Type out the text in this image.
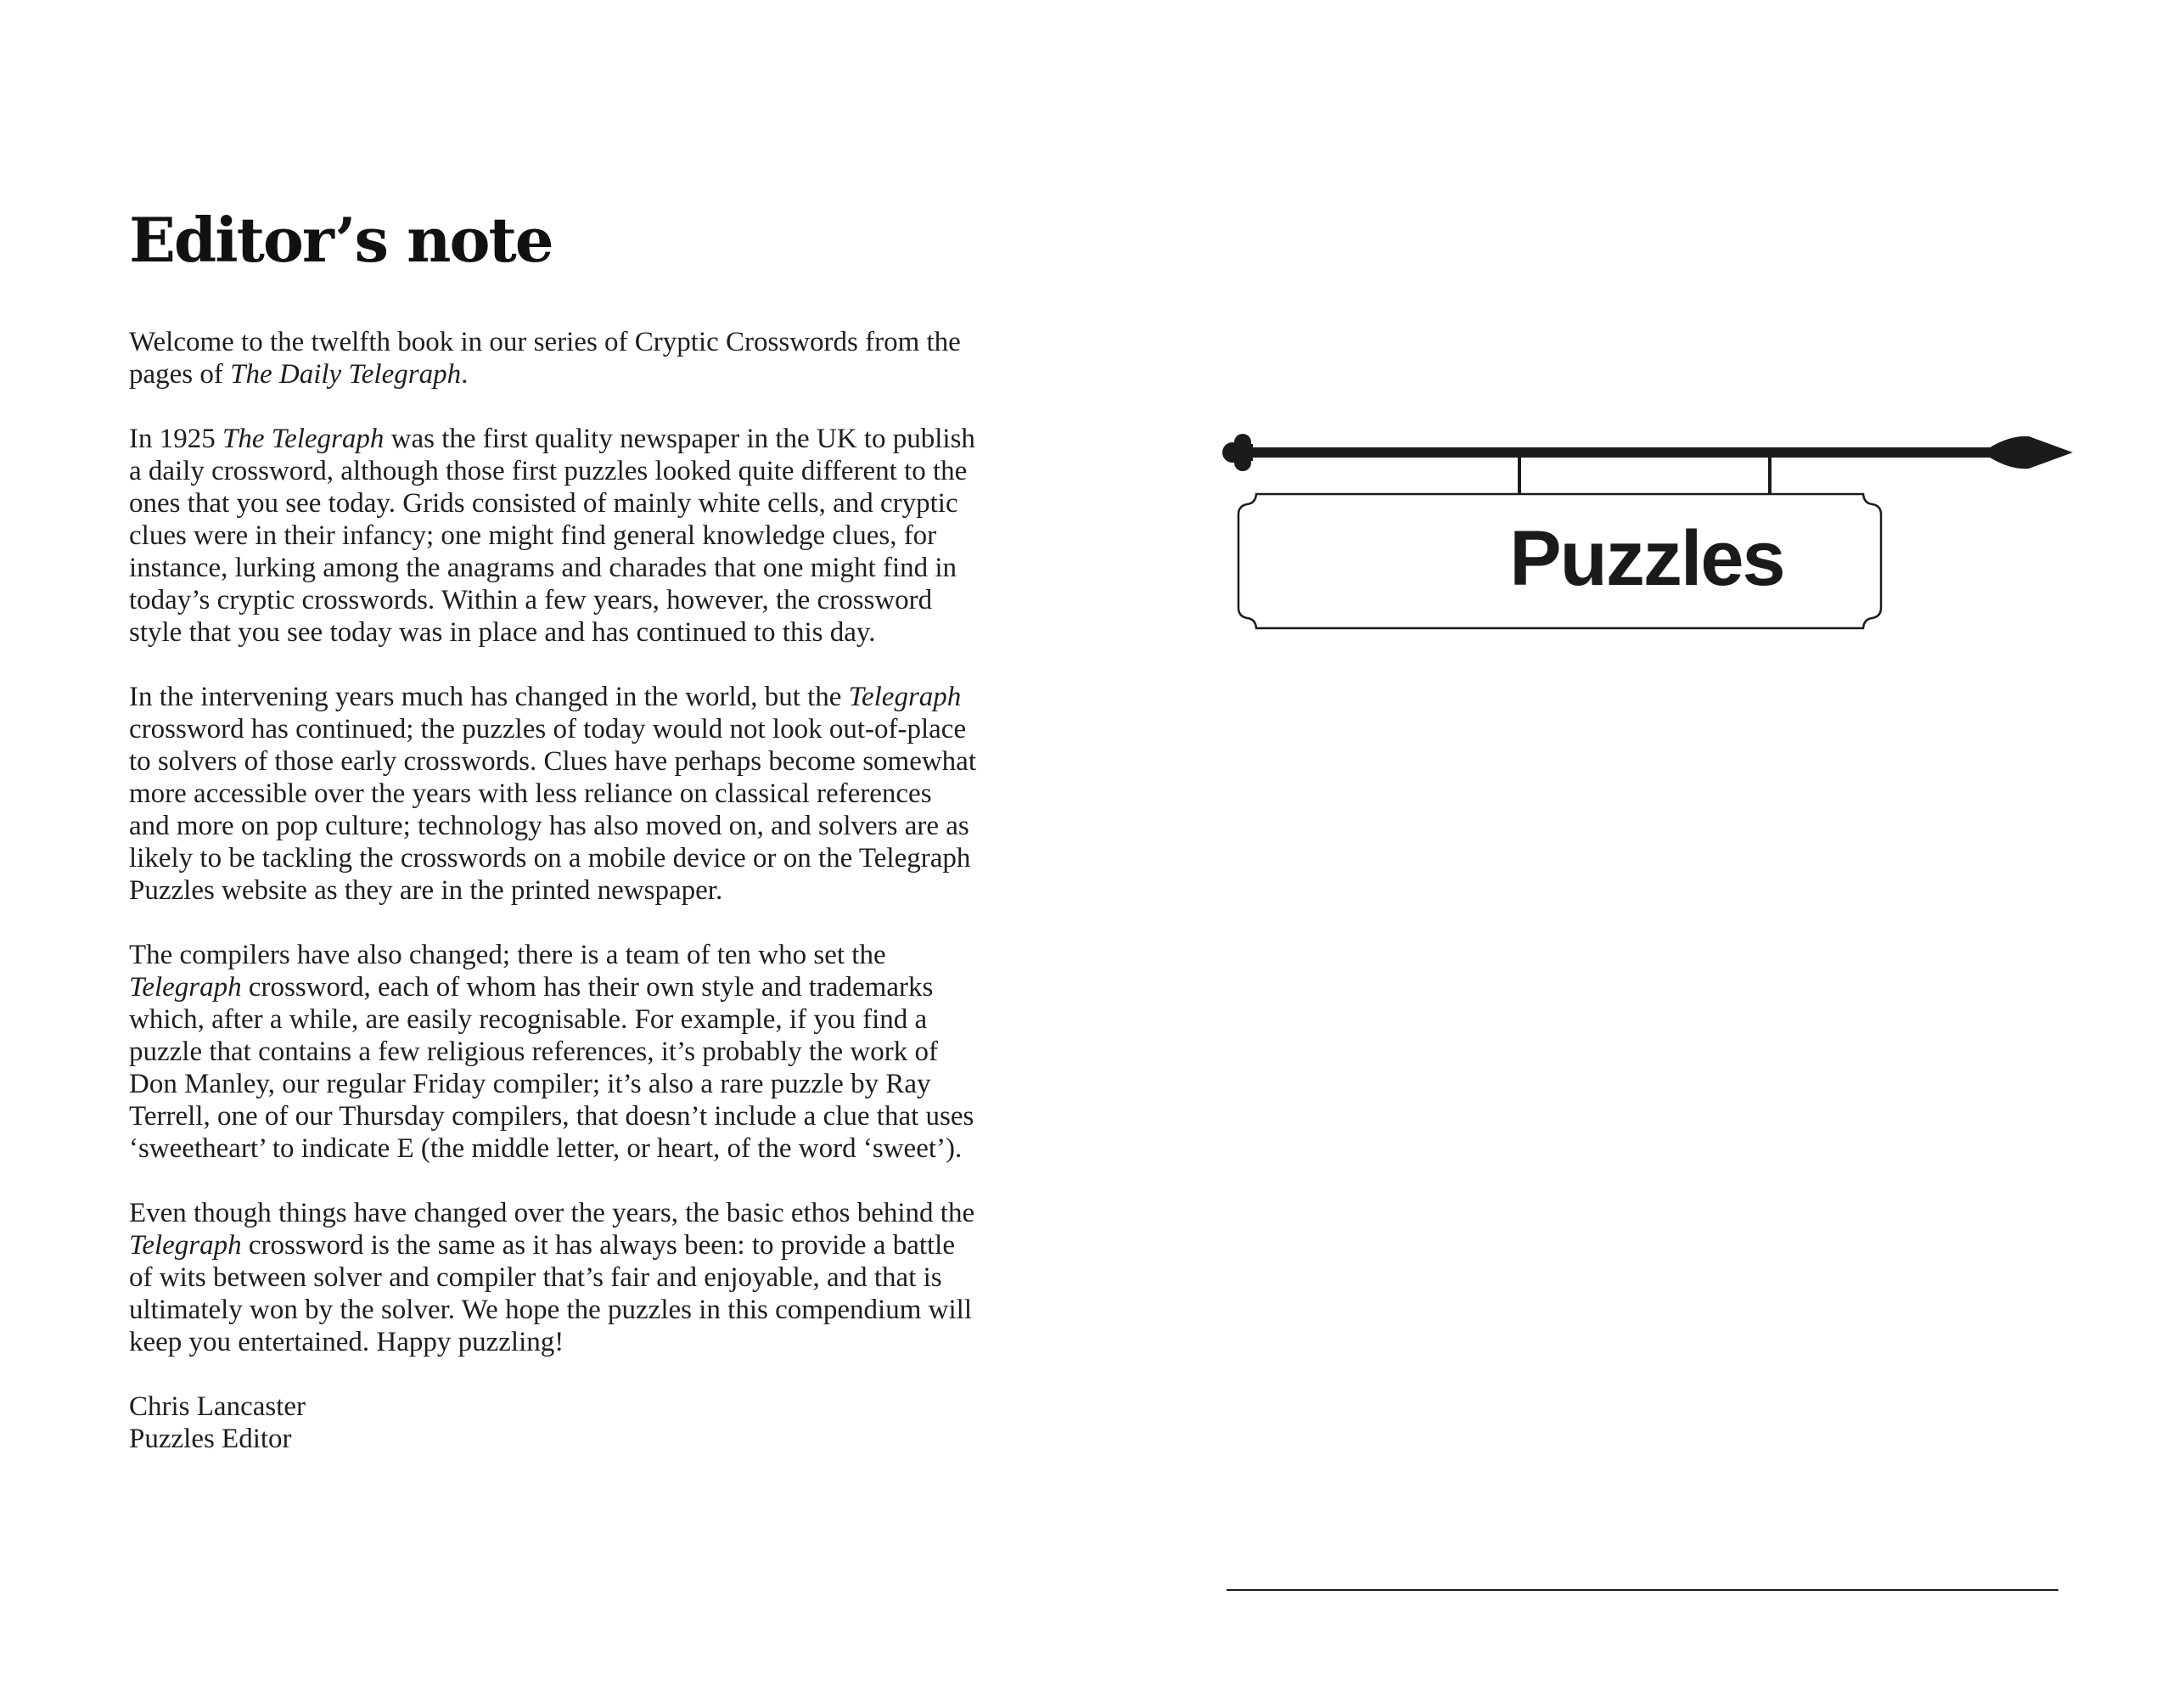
Editor’s note

Welcome to the twelfth book in our series of Cryptic Crosswords from the pages of The Daily Telegraph.

In 1925 The Telegraph was the first quality newspaper in the UK to publish a daily crossword, although those first puzzles looked quite different to the ones that you see today. Grids consisted of mainly white cells, and cryptic clues were in their infancy; one might find general knowledge clues, for instance, lurking among the anagrams and charades that one might find in today’s cryptic crosswords. Within a few years, however, the crossword style that you see today was in place and has continued to this day.

In the intervening years much has changed in the world, but the Telegraph crossword has continued; the puzzles of today would not look out-of-place to solvers of those early crosswords. Clues have perhaps become somewhat more accessible over the years with less reliance on classical references and more on pop culture; technology has also moved on, and solvers are as likely to be tackling the crosswords on a mobile device or on the Telegraph Puzzles website as they are in the printed newspaper.

The compilers have also changed; there is a team of ten who set the Telegraph crossword, each of whom has their own style and trademarks which, after a while, are easily recognisable. For example, if you find a puzzle that contains a few religious references, it’s probably the work of Don Manley, our regular Friday compiler; it’s also a rare puzzle by Ray Terrell, one of our Thursday compilers, that doesn’t include a clue that uses ‘sweetheart’ to indicate E (the middle letter, or heart, of the word ‘sweet’).

Even though things have changed over the years, the basic ethos behind the Telegraph crossword is the same as it has always been: to provide a battle of wits between solver and compiler that’s fair and enjoyable, and that is ultimately won by the solver. We hope the puzzles in this compendium will keep you entertained. Happy puzzling!

Chris Lancaster
Puzzles Editor
Puzzles
